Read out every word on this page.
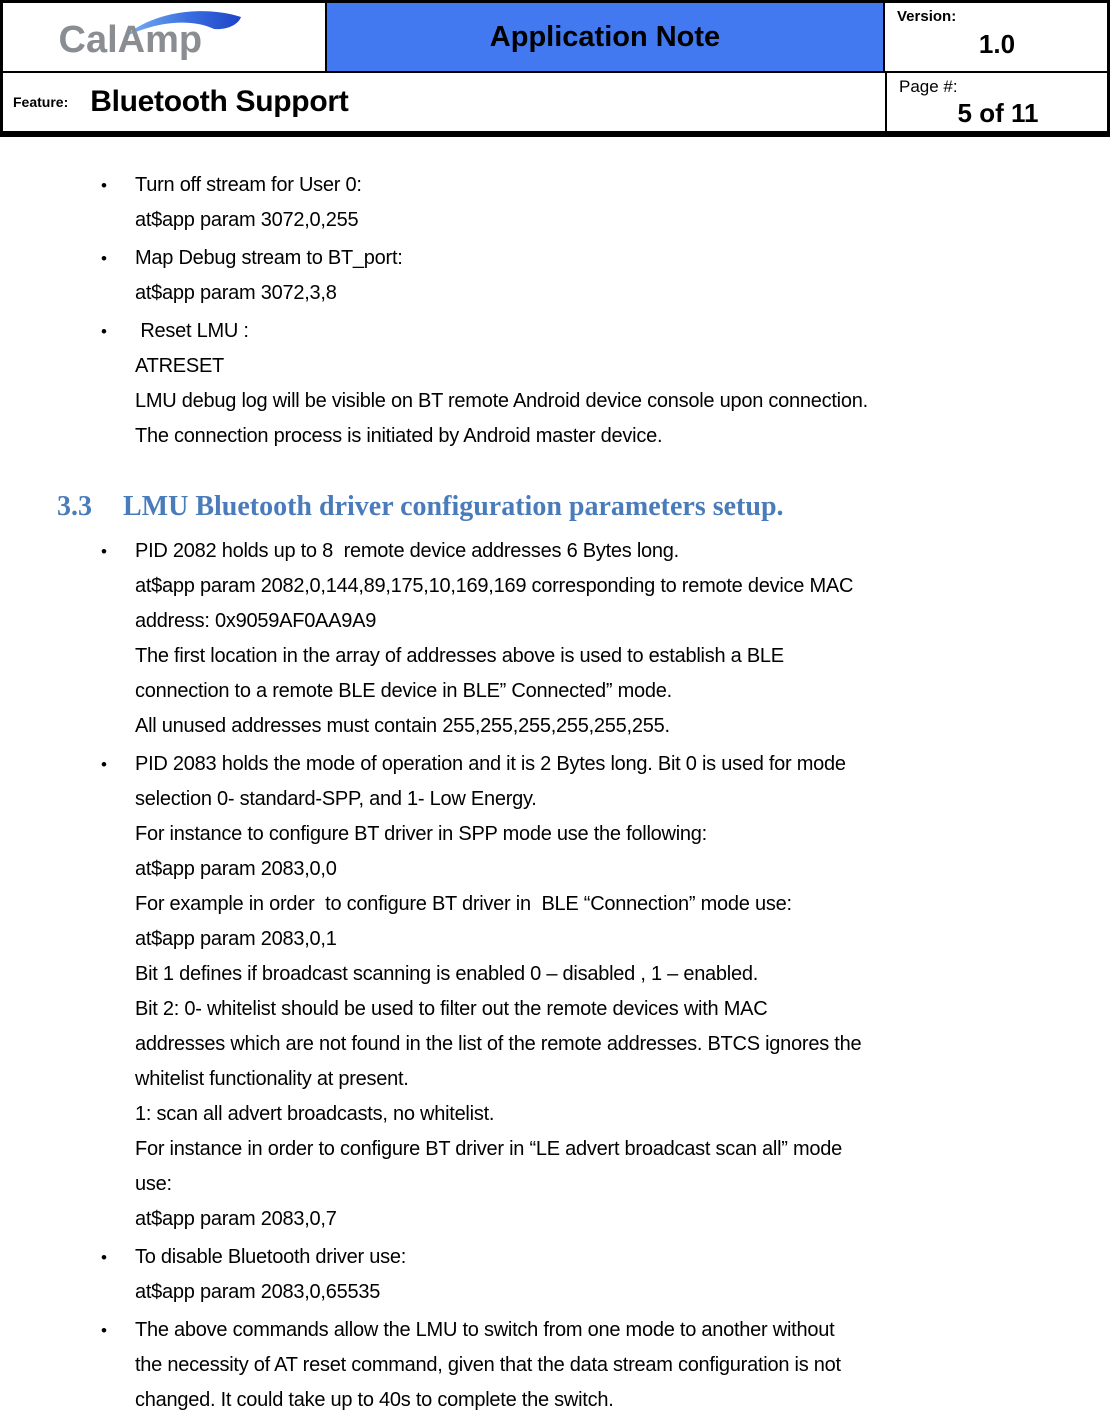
CalAmp	Application Note
Version:
1.0
Feature: Bluetooth Support	Page #:
5 of 11
• Turn off stream for User 0:
at$app param 3072,0,255
• Map Debug stream to BT_port:
at$app param 3072,3,8
• Reset LMU :
ATRESET
LMU debug log will be visible on BT remote Android device console upon connection.
The connection process is initiated by Android master device.
3.3 LMU Bluetooth driver configuration parameters setup.
• PID 2082 holds up to 8  remote device addresses 6 Bytes long.
at$app param 2082,0,144,89,175,10,169,169 corresponding to remote device MAC
address: 0x9059AF0AA9A9
The first location in the array of addresses above is used to establish a BLE
connection to a remote BLE device in BLE” Connected” mode.
All unused addresses must contain 255,255,255,255,255,255.
• PID 2083 holds the mode of operation and it is 2 Bytes long. Bit 0 is used for mode
selection 0- standard-SPP, and 1- Low Energy.
For instance to configure BT driver in SPP mode use the following:
at$app param 2083,0,0
For example in order  to configure BT driver in  BLE “Connection” mode use:
at$app param 2083,0,1
Bit 1 defines if broadcast scanning is enabled 0 – disabled , 1 – enabled.
Bit 2: 0- whitelist should be used to filter out the remote devices with MAC
addresses which are not found in the list of the remote addresses. BTCS ignores the
whitelist functionality at present.
1: scan all advert broadcasts, no whitelist.
For instance in order to configure BT driver in “LE advert broadcast scan all” mode
use:
at$app param 2083,0,7
• To disable Bluetooth driver use:
at$app param 2083,0,65535
• The above commands allow the LMU to switch from one mode to another without
the necessity of AT reset command, given that the data stream configuration is not
changed. It could take up to 40s to complete the switch.
